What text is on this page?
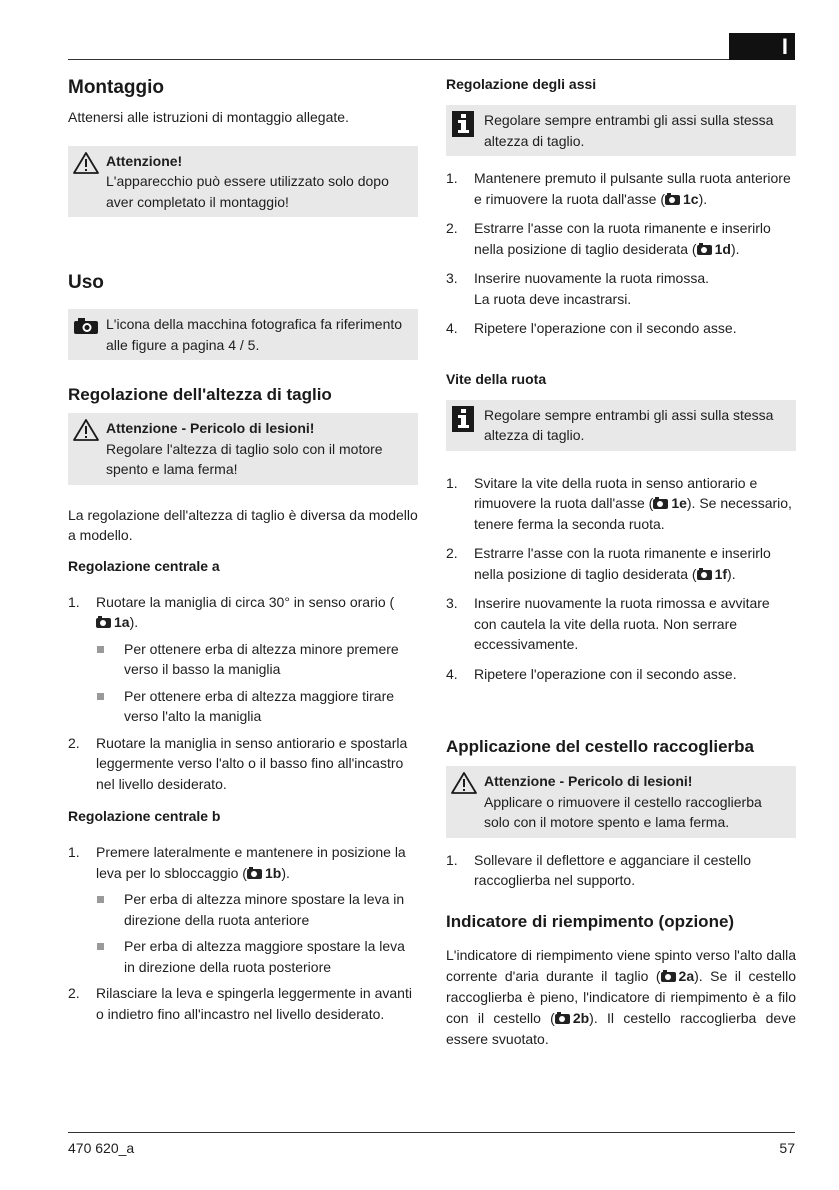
I
Montaggio

Attenersi alle istruzioni di montaggio allegate.

Attenzione!
L'apparecchio può essere utilizzato solo dopo aver completato il montaggio!
Uso
L'icona della macchina fotografica fa riferimento alle figure a pagina 4 / 5.
Regolazione dell'altezza di taglio
Attenzione - Pericolo di lesioni!
Regolare l'altezza di taglio solo con il motore spento e lama ferma!

La regolazione dell'altezza di taglio è diversa da modello a modello.

Regolazione centrale a
1. Ruotare la maniglia di circa 30° in senso orario (1a).
Per ottenere erba di altezza minore premere verso il basso la maniglia
Per ottenere erba di altezza maggiore tirare verso l'alto la maniglia
2. Ruotare la maniglia in senso antiorario e spostarla leggermente verso l'alto o il basso fino all'incastro nel livello desiderato.
Regolazione centrale b
1. Premere lateralmente e mantenere in posizione la leva per lo sbloccaggio ( 1b).
Per erba di altezza minore spostare la leva in direzione della ruota anteriore
Per erba di altezza maggiore spostare la leva in direzione della ruota posteriore
2. Rilasciare la leva e spingerla leggermente in avanti o indietro fino all'incastro nel livello desiderato.
Regolazione degli assi
Regolare sempre entrambi gli assi sulla stessa altezza di taglio.
1. Mantenere premuto il pulsante sulla ruota anteriore e rimuovere la ruota dall'asse ( 1c).
2. Estrarre l'asse con la ruota rimanente e inserirlo nella posizione di taglio desiderata ( 1d).
3. Inserire nuovamente la ruota rimossa.
La ruota deve incastrarsi.
4. Ripetere l'operazione con il secondo asse.
Vite della ruota
Regolare sempre entrambi gli assi sulla stessa altezza di taglio.
1. Svitare la vite della ruota in senso antiorario e rimuovere la ruota dall'asse ( 1e). Se necessario, tenere ferma la seconda ruota.
2. Estrarre l'asse con la ruota rimanente e inserirlo nella posizione di taglio desiderata ( 1f).
3. Inserire nuovamente la ruota rimossa e avvitare con cautela la vite della ruota. Non serrare eccessivamente.
4. Ripetere l'operazione con il secondo asse.
Applicazione del cestello raccoglierba
Attenzione - Pericolo di lesioni!
Applicare o rimuovere il cestello raccoglierba solo con il motore spento e lama ferma.
1. Sollevare il deflettore e agganciare il cestello raccoglierba nel supporto.
Indicatore di riempimento (opzione)

L'indicatore di riempimento viene spinto verso l'alto dalla corrente d'aria durante il taglio ( 2a). Se il cestello raccoglierba è pieno, l'indicatore di riempimento è a filo con il cestello ( 2b). Il cestello raccoglierba deve essere svuotato.

470 620_a	57
